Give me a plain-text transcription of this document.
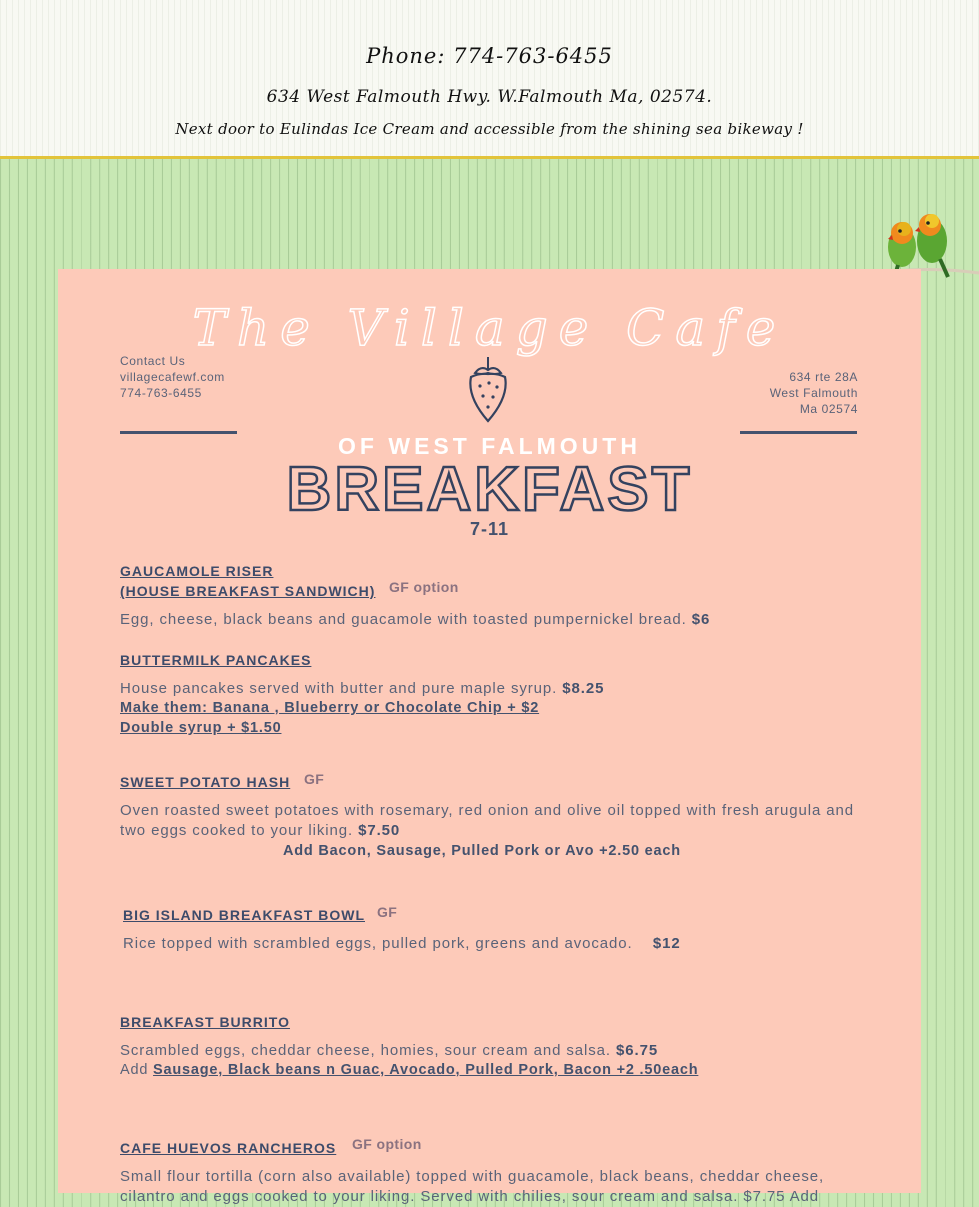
Phone: 774-763-6455
634 West Falmouth Hwy. W.Falmouth Ma, 02574.
Next door to Eulindas Ice Cream and accessible from the shining sea bikeway !
Contact Us
villagecafewf.com
774-763-6455
634 rte 28A
West Falmouth
Ma 02574
The Village Cafe
OF WEST FALMOUTH
BREAKFAST
7-11
GAUCAMOLE RISER
(HOUSE BREAKFAST SANDWICH) GF option
Egg, cheese, black beans and guacamole with toasted pumpernickel bread. $6
BUTTERMILK PANCAKES
House pancakes served with butter and pure maple syrup. $8.25
Make them: Banana , Blueberry or Chocolate Chip + $2
Double syrup + $1.50
SWEET POTATO HASH GF
Oven roasted sweet potatoes with rosemary, red onion and olive oil topped with fresh arugula and two eggs cooked to your liking. $7.50
Add Bacon, Sausage, Pulled Pork or Avo +2.50 each
BIG ISLAND BREAKFAST BOWL GF
Rice topped with scrambled eggs, pulled pork, greens and avocado.    $12
BREAKFAST BURRITO
Scrambled eggs, cheddar cheese, homies, sour cream and salsa. $6.75
Add Sausage, Black beans n Guac, Avocado, Pulled Pork, Bacon +2 .50each
CAFE HUEVOS RANCHEROS GF option
Small flour tortilla (corn also available) topped with guacamole, black beans, cheddar cheese,
cilantro and eggs cooked to your liking. Served with chilies, sour cream and salsa. $7.75 Add
